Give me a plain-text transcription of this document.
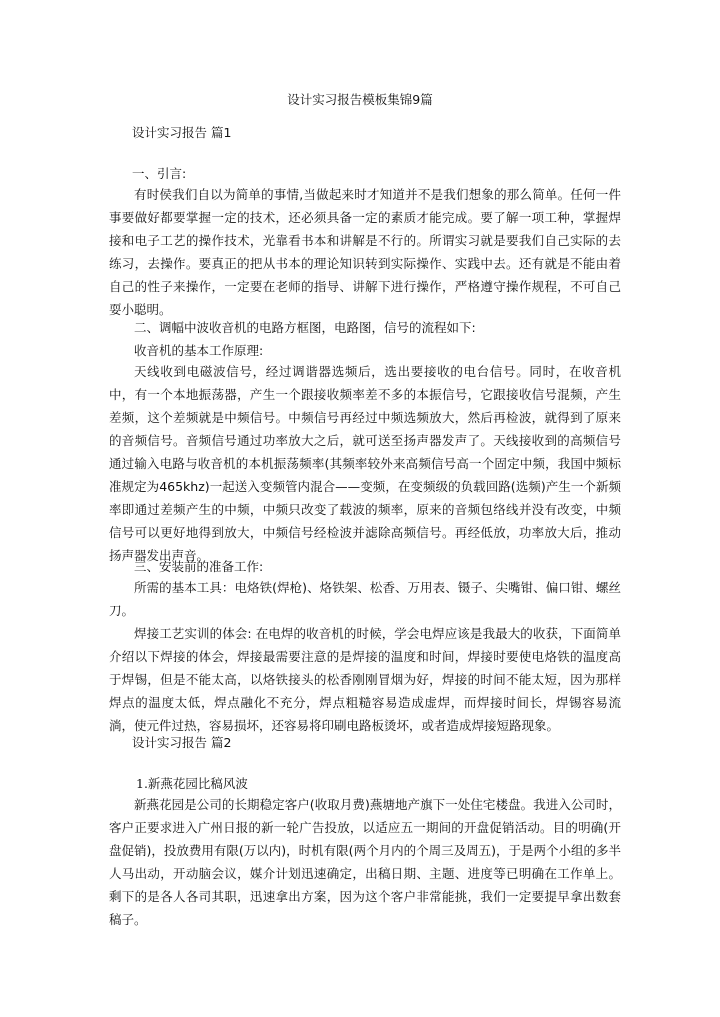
设计实习报告模板集锦9篇
设计实习报告 篇1
一、引言:

有时侯我们自以为简单的事情,当做起来时才知道并不是我们想象的那么简单。任何一件事要做好都要掌握一定的技术，还必须具备一定的素质才能完成。要了解一项工种，掌握焊接和电子工艺的操作技术，光靠看书本和讲解是不行的。所谓实习就是要我们自己实际的去练习，去操作。要真正的把从书本的理论知识转到实际操作、实践中去。还有就是不能由着自己的性子来操作，一定要在老师的指导、讲解下进行操作，严格遵守操作规程，不可自己耍小聪明。

二、调幅中波收音机的电路方框图，电路图，信号的流程如下:
收音机的基本工作原理:

天线收到电磁波信号，经过调谐器选频后，选出要接收的电台信号。同时，在收音机中，有一个本地振荡器，产生一个跟接收频率差不多的本振信号，它跟接收信号混频，产生差频，这个差频就是中频信号。中频信号再经过中频选频放大，然后再检波，就得到了原来的音频信号。音频信号通过功率放大之后，就可送至扬声器发声了。天线接收到的高频信号通过输入电路与收音机的本机振荡频率(其频率较外来高频信号高一个固定中频，我国中频标准规定为465khz)一起送入变频管内混合——变频，在变频级的负载回路(选频)产生一个新频率即通过差频产生的中频，中频只改变了载波的频率，原来的音频包络线并没有改变，中频信号可以更好地得到放大，中频信号经检波并滤除高频信号。再经低放，功率放大后，推动扬声器发出声音。

三、安装前的准备工作:

所需的基本工具：电烙铁(焊枪)、烙铁架、松香、万用表、镊子、尖嘴钳、偏口钳、螺丝刀。

焊接工艺实训的体会: 在电焊的收音机的时候，学会电焊应该是我最大的收获，下面简单介绍以下焊接的体会，焊接最需要注意的是焊接的温度和时间，焊接时要使电烙铁的温度高于焊锡，但是不能太高，以烙铁接头的松香刚刚冒烟为好，焊接的时间不能太短，因为那样焊点的温度太低，焊点融化不充分，焊点粗糙容易造成虚焊，而焊接时间长，焊锡容易流淌，使元件过热，容易损坏，还容易将印刷电路板烫坏，或者造成焊接短路现象。

设计实习报告 篇2
1.新燕花园比稿风波

新燕花园是公司的长期稳定客户(收取月费)燕塘地产旗下一处住宅楼盘。我进入公司时，客户正要求进入广州日报的新一轮广告投放，以适应五一期间的开盘促销活动。目的明确(开盘促销)，投放费用有限(万以内)，时机有限(两个月内的个周三及周五)，于是两个小组的多半人马出动，开动脑会议，媒介计划迅速确定，出稿日期、主题、进度等已明确在工作单上。剩下的是各人各司其职，迅速拿出方案，因为这个客户非常能挑，我们一定要提早拿出数套稿子。
